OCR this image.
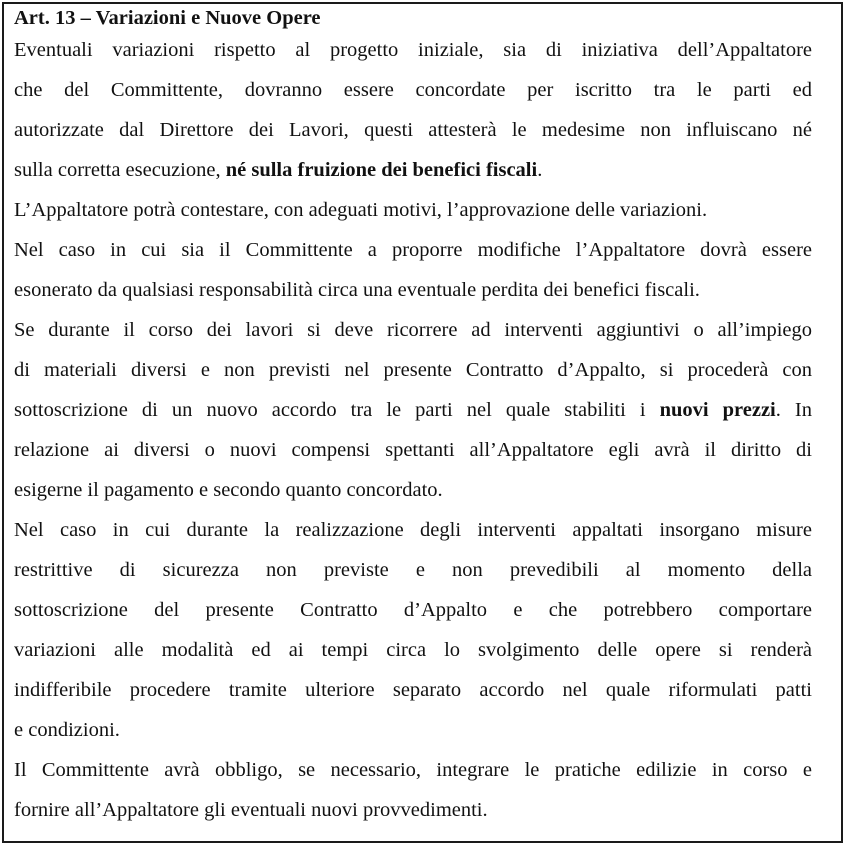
Art. 13 – Variazioni e Nuove Opere

Eventuali variazioni rispetto al progetto iniziale, sia di iniziativa dell’Appaltatore
che del Committente, dovranno essere concordate per iscritto tra le parti ed
autorizzate dal Direttore dei Lavori, questi attesterà le medesime non influiscano né
sulla corretta esecuzione, né sulla fruizione dei benefici fiscali.
L’Appaltatore potrà contestare, con adeguati motivi, l’approvazione delle variazioni.
Nel caso in cui sia il Committente a proporre modifiche l’Appaltatore dovrà essere
esonerato da qualsiasi responsabilità circa una eventuale perdita dei benefici fiscali.
Se durante il corso dei lavori si deve ricorrere ad interventi aggiuntivi o all’impiego
di materiali diversi e non previsti nel presente Contratto d’Appalto, si procederà con
sottoscrizione di un nuovo accordo tra le parti nel quale stabiliti i nuovi prezzi. In
relazione ai diversi o nuovi compensi spettanti all’Appaltatore egli avrà il diritto di
esigerne il pagamento e secondo quanto concordato.
Nel caso in cui durante la realizzazione degli interventi appaltati insorgano misure
restrittive di sicurezza non previste e non prevedibili al momento della
sottoscrizione del presente Contratto d’Appalto e che potrebbero comportare
variazioni alle modalità ed ai tempi circa lo svolgimento delle opere si renderà
indifferibile procedere tramite ulteriore separato accordo nel quale riformulati patti
e condizioni.
Il Committente avrà obbligo, se necessario, integrare le pratiche edilizie in corso e
fornire all’Appaltatore gli eventuali nuovi provvedimenti.
